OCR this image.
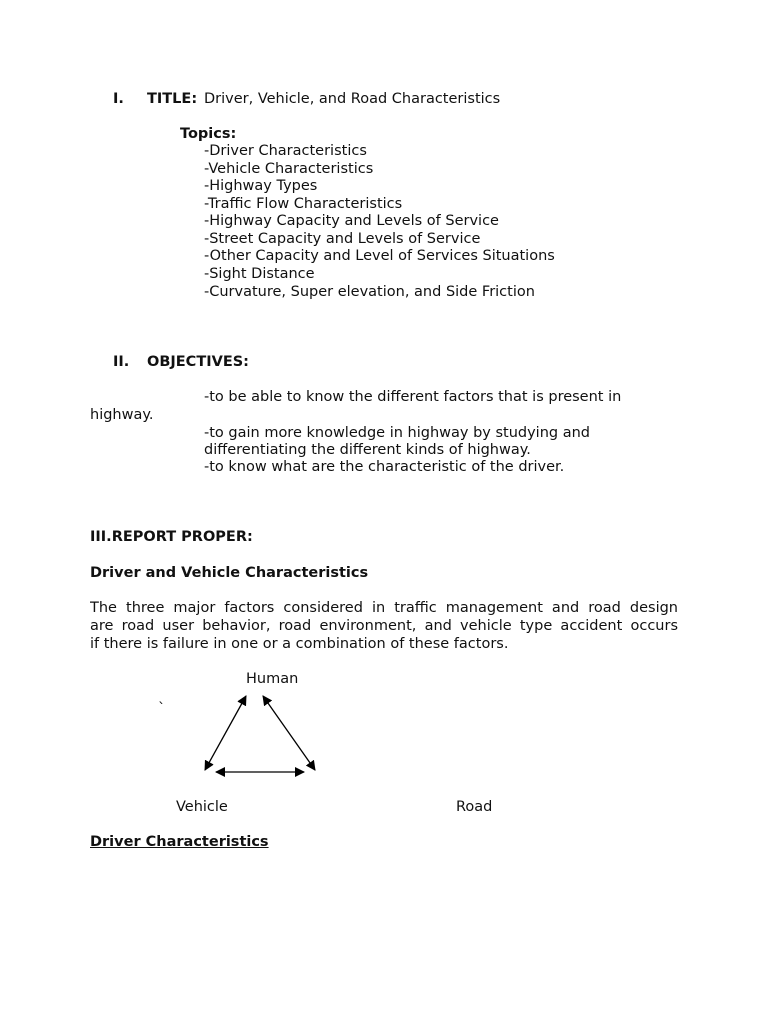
I. TITLE: Driver, Vehicle, and Road Characteristics
Topics:
-Driver Characteristics
-Vehicle Characteristics
-Highway Types
-Traffic Flow Characteristics
-Highway Capacity and Levels of Service
-Street Capacity and Levels of Service
-Other Capacity and Level of Services Situations
-Sight Distance
-Curvature, Super elevation, and Side Friction
II. OBJECTIVES:
-to be able to know the different factors that is present in
highway.
-to gain more knowledge in highway by studying and
differentiating the different kinds of highway.
-to know what are the characteristic of the driver.
III.REPORT PROPER:
Driver and Vehicle Characteristics
The three major factors considered in traffic management and road design
are road user behavior, road environment, and vehicle type accident occurs
if there is failure in one or a combination of these factors.
Human
`
Vehicle	Road
Driver Characteristics
